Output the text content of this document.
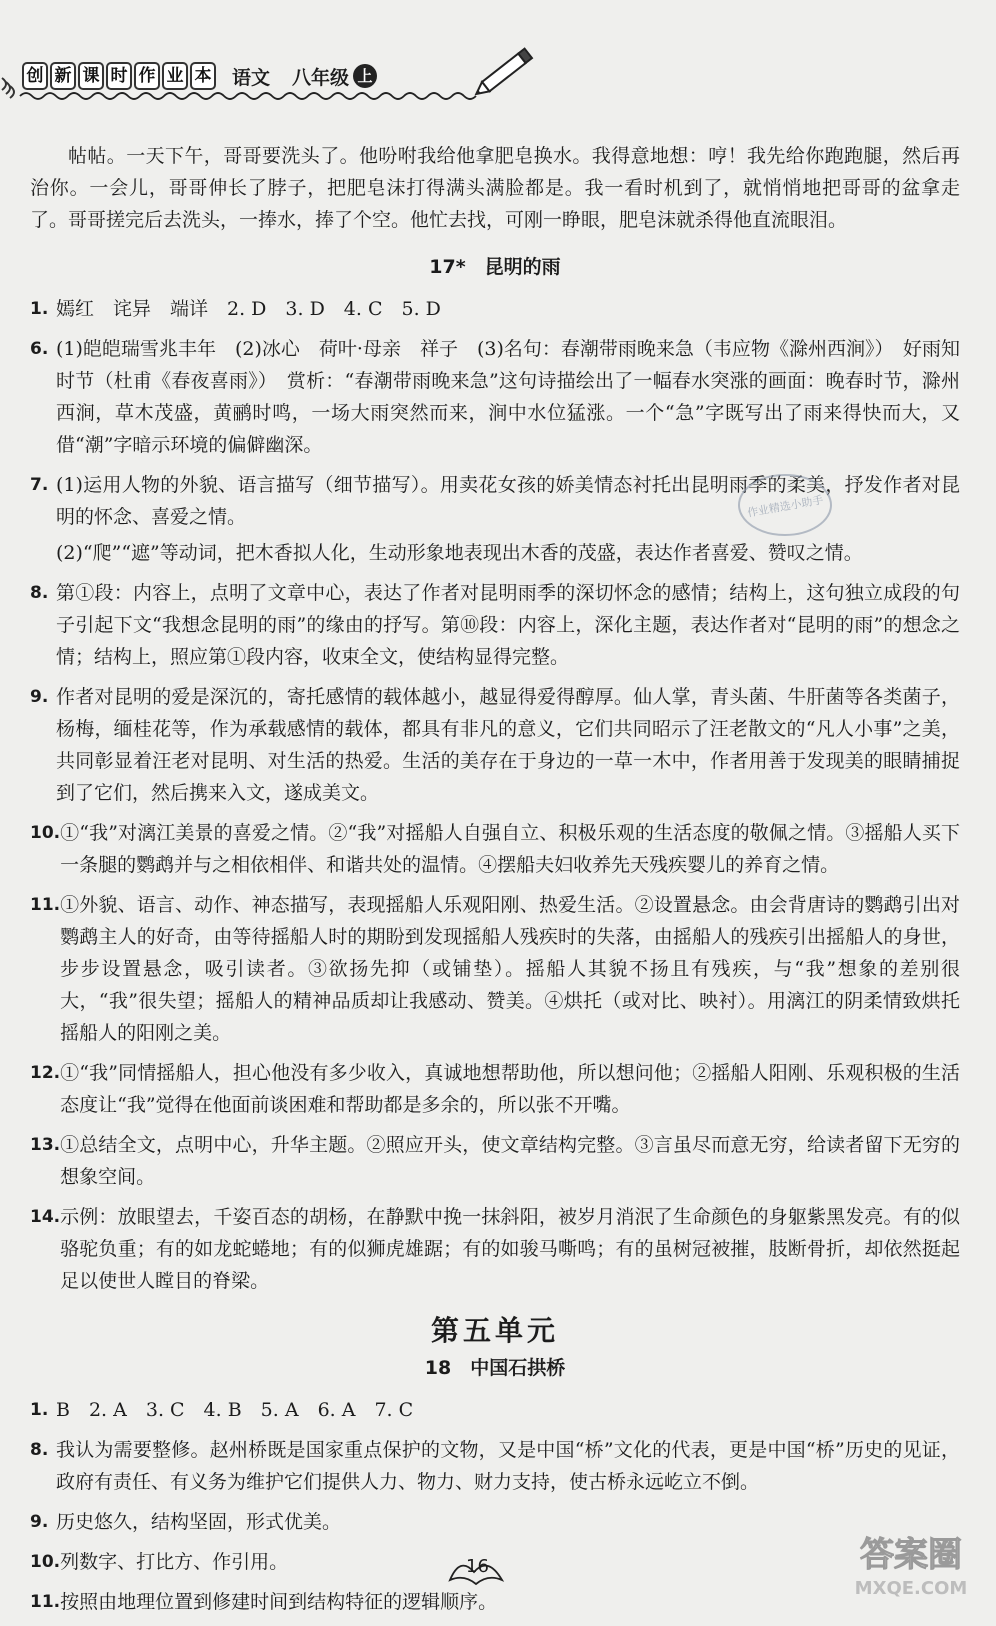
创 新 课 时 作 业 本 语文 八年级 上

帖帖。一天下午，哥哥要洗头了。他吩咐我给他拿肥皂换水。我得意地想：哼！我先给你跑跑腿，然后再治你。一会儿，哥哥伸长了脖子，把肥皂沫打得满头满脸都是。我一看时机到了，就悄悄地把哥哥的盆拿走了。哥哥搓完后去洗头，一捧水，捧了个空。他忙去找，可刚一睁眼，肥皂沫就杀得他直流眼泪。

17*　昆明的雨
1. 嫣红　诧异　端详　2. D　3. D　4. C　5. D
6. (1)皑皑瑞雪兆丰年　(2)冰心　荷叶·母亲　祥子　(3)名句：春潮带雨晚来急（韦应物《滁州西涧》）　好雨知时节（杜甫《春夜喜雨》）　赏析：“春潮带雨晚来急”这句诗描绘出了一幅春水突涨的画面：晚春时节，滁州西涧，草木茂盛，黄鹂时鸣，一场大雨突然而来，涧中水位猛涨。一个“急”字既写出了雨来得快而大，又借“潮”字暗示环境的偏僻幽深。
7. (1)运用人物的外貌、语言描写（细节描写）。用卖花女孩的娇美情态衬托出昆明雨季的柔美，抒发作者对昆明的怀念、喜爱之情。
(2)“爬”“遮”等动词，把木香拟人化，生动形象地表现出木香的茂盛，表达作者喜爱、赞叹之情。
8. 第①段：内容上，点明了文章中心，表达了作者对昆明雨季的深切怀念的感情；结构上，这句独立成段的句子引起下文“我想念昆明的雨”的缘由的抒写。第⑩段：内容上，深化主题，表达作者对“昆明的雨”的想念之情；结构上，照应第①段内容，收束全文，使结构显得完整。
9. 作者对昆明的爱是深沉的，寄托感情的载体越小，越显得爱得醇厚。仙人掌，青头菌、牛肝菌等各类菌子，杨梅，缅桂花等，作为承载感情的载体，都具有非凡的意义，它们共同昭示了汪老散文的“凡人小事”之美，共同彰显着汪老对昆明、对生活的热爱。生活的美存在于身边的一草一木中，作者用善于发现美的眼睛捕捉到了它们，然后携来入文，遂成美文。
10. ①“我”对漓江美景的喜爱之情。②“我”对摇船人自强自立、积极乐观的生活态度的敬佩之情。③摇船人买下一条腿的鹦鹉并与之相依相伴、和谐共处的温情。④摆船夫妇收养先天残疾婴儿的养育之情。
11. ①外貌、语言、动作、神态描写，表现摇船人乐观阳刚、热爱生活。②设置悬念。由会背唐诗的鹦鹉引出对鹦鹉主人的好奇，由等待摇船人时的期盼到发现摇船人残疾时的失落，由摇船人的残疾引出摇船人的身世，步步设置悬念，吸引读者。③欲扬先抑（或铺垫）。摇船人其貌不扬且有残疾，与“我”想象的差别很大，“我”很失望；摇船人的精神品质却让我感动、赞美。④烘托（或对比、映衬）。用漓江的阴柔情致烘托摇船人的阳刚之美。
12. ①“我”同情摇船人，担心他没有多少收入，真诚地想帮助他，所以想问他；②摇船人阳刚、乐观积极的生活态度让“我”觉得在他面前谈困难和帮助都是多余的，所以张不开嘴。
13. ①总结全文，点明中心，升华主题。②照应开头，使文章结构完整。③言虽尽而意无穷，给读者留下无穷的想象空间。
14. 示例：放眼望去，千姿百态的胡杨，在静默中挽一抹斜阳，被岁月消泯了生命颜色的身躯紫黑发亮。有的似骆驼负重；有的如龙蛇蜷地；有的似狮虎雄踞；有的如骏马嘶鸣；有的虽树冠被摧，肢断骨折，却依然挺起足以使世人瞠目的脊梁。
第五单元
18　中国石拱桥
1. B　2. A　3. C　4. B　5. A　6. A　7. C
8. 我认为需要整修。赵州桥既是国家重点保护的文物，又是中国“桥”文化的代表，更是中国“桥”历史的见证，政府有责任、有义务为维护它们提供人力、物力、财力支持，使古桥永远屹立不倒。
9. 历史悠久，结构坚固，形式优美。
10. 列数字、打比方、作引用。
11. 按照由地理位置到修建时间到结构特征的逻辑顺序。
作业精选小助手
16	答案圈
MXQE.COM
